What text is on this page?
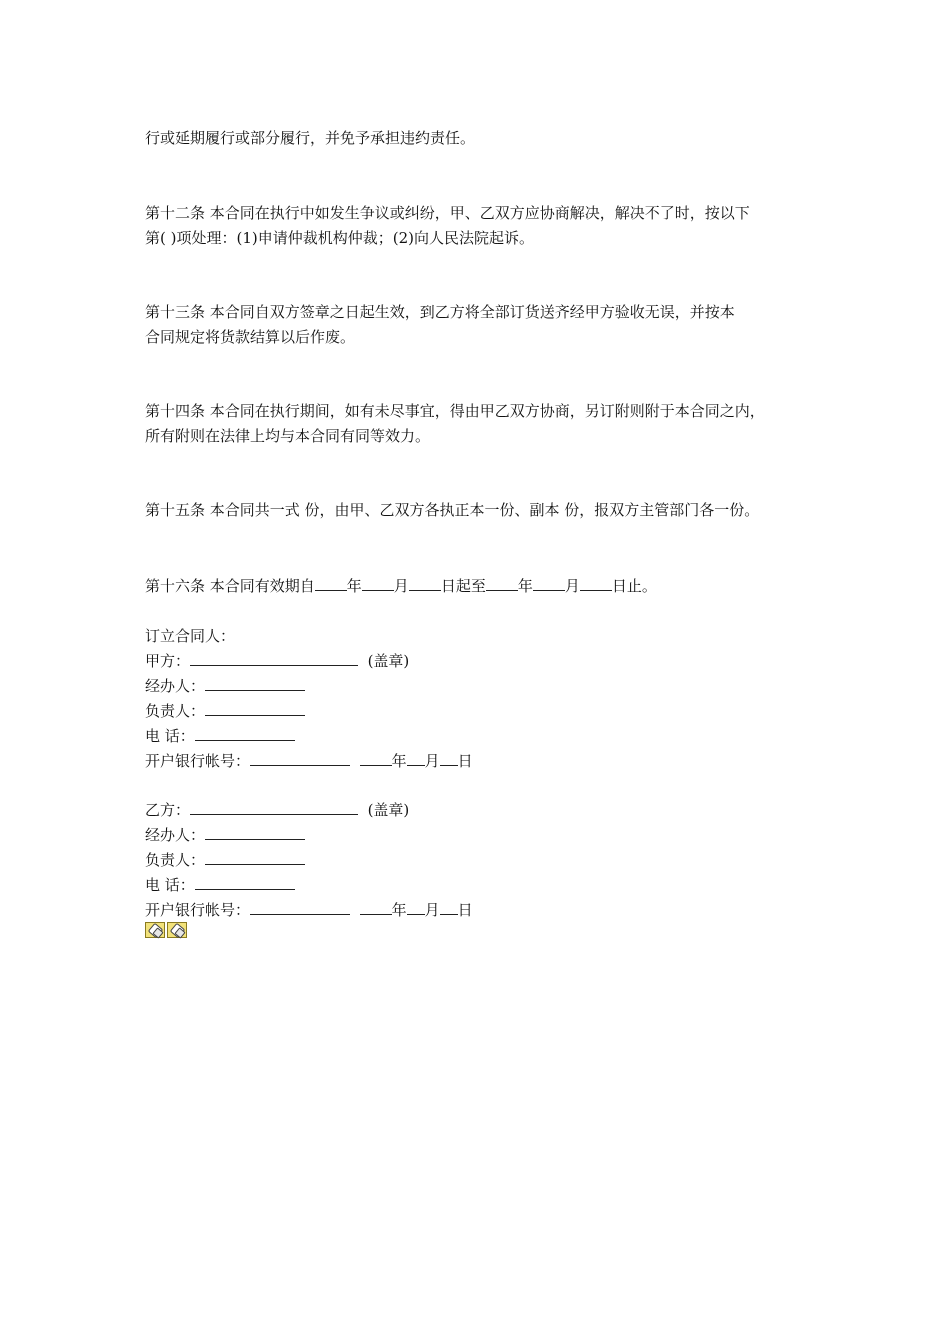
行或延期履行或部分履行，并免予承担违约责任。
第十二条 本合同在执行中如发生争议或纠纷，甲、乙双方应协商解决，解决不了时，按以下
第( )项处理：(1)申请仲裁机构仲裁；(2)向人民法院起诉。
第十三条 本合同自双方签章之日起生效，到乙方将全部订货送齐经甲方验收无误，并按本
合同规定将货款结算以后作废。
第十四条 本合同在执行期间，如有未尽事宜，得由甲乙双方协商，另订附则附于本合同之内，
所有附则在法律上均与本合同有同等效力。
第十五条 本合同共一式 份，由甲、乙双方各执正本一份、副本 份，报双方主管部门各一份。
第十六条 本合同有效期自 年 月 日起至 年 月 日止。
订立合同人：
甲方：	(盖章)
经办人：
负责人：
电 话：
开户银行帐号：	年 月 日
乙方：	(盖章)
经办人：
负责人：
电 话：
开户银行帐号：	年 月 日
